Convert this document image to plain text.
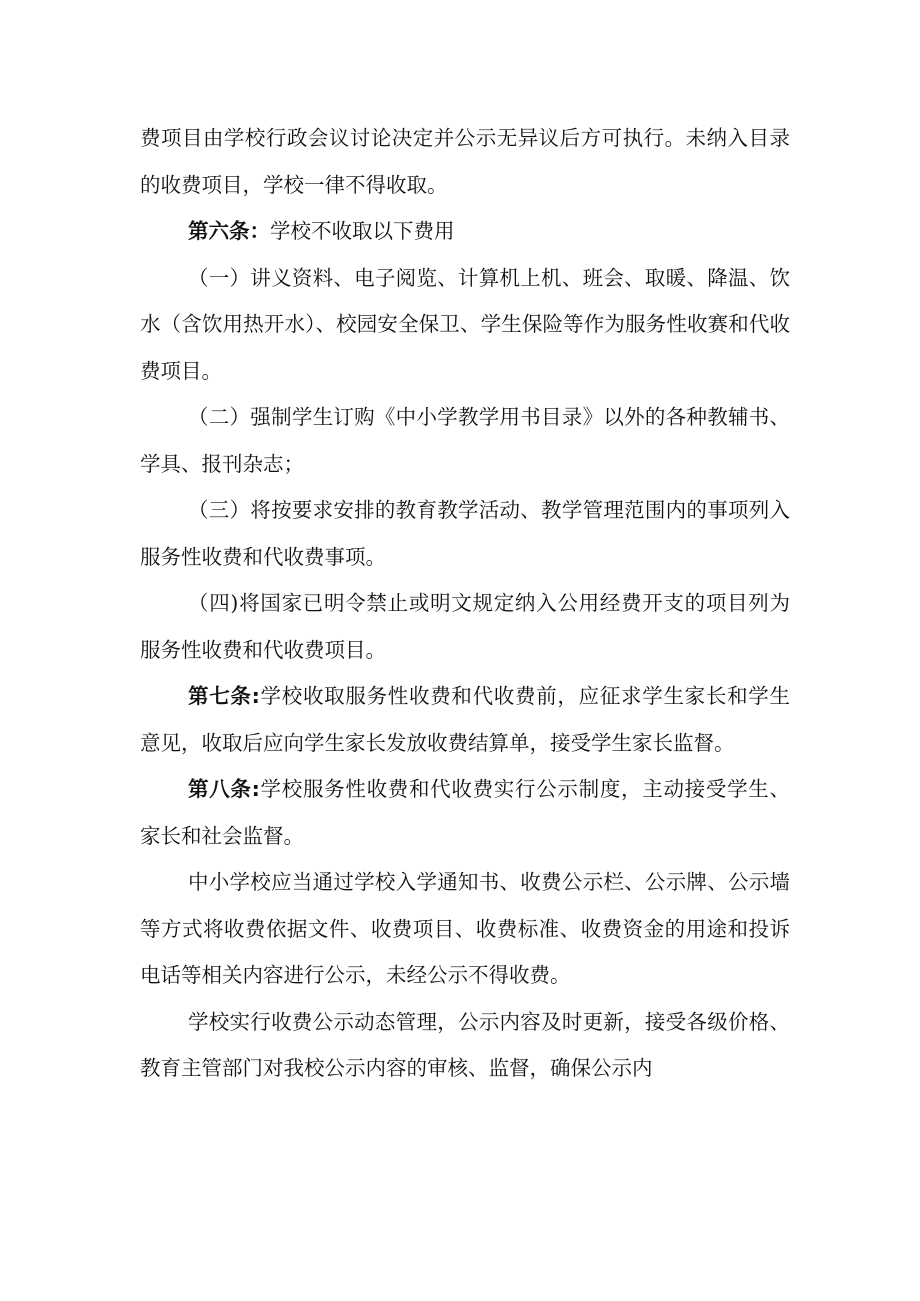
费项目由学校行政会议讨论决定并公示无异议后方可执行。未纳入目录的收费项目，学校一律不得收取。

第六条：学校不收取以下费用

（一）讲义资料、电子阅览、计算机上机、班会、取暖、降温、饮水（含饮用热开水）、校园安全保卫、学生保险等作为服务性收赛和代收费项目。

（二）强制学生订购《中小学教学用书目录》以外的各种教辅书、学具、报刊杂志；

（三）将按要求安排的教育教学活动、教学管理范围内的事项列入服务性收费和代收费事项。

（四)将国家已明令禁止或明文规定纳入公用经费开支的项目列为服务性收费和代收费项目。

第七条:学校收取服务性收费和代收费前，应征求学生家长和学生意见，收取后应向学生家长发放收费结算单，接受学生家长监督。

第八条:学校服务性收费和代收费实行公示制度，主动接受学生、家长和社会监督。

中小学校应当通过学校入学通知书、收费公示栏、公示牌、公示墙等方式将收费依据文件、收费项目、收费标准、收费资金的用途和投诉电话等相关内容进行公示，未经公示不得收费。

学校实行收费公示动态管理，公示内容及时更新，接受各级价格、教育主管部门对我校公示内容的审核、监督，确保公示内
